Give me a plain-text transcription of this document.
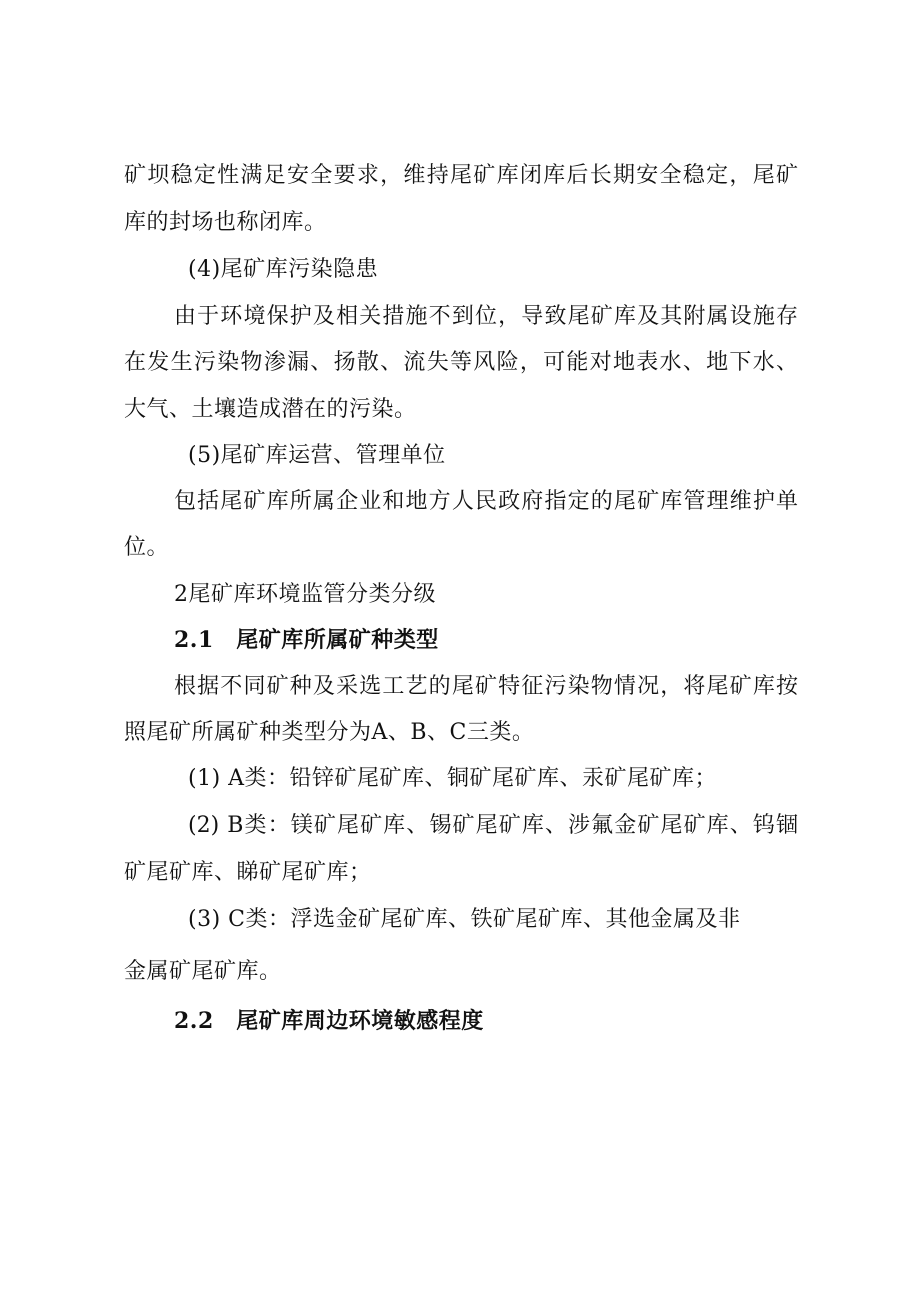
矿坝稳定性满足安全要求，维持尾矿库闭库后长期安全稳定，尾矿
库的封场也称闭库。
(4)尾矿库污染隐患
由于环境保护及相关措施不到位，导致尾矿库及其附属设施存
在发生污染物渗漏、扬散、流失等风险，可能对地表水、地下水、
大气、土壤造成潜在的污染。
(5)尾矿库运营、管理单位
包括尾矿库所属企业和地方人民政府指定的尾矿库管理维护单
位。
2尾矿库环境监管分类分级
2.1　尾矿库所属矿种类型
根据不同矿种及采选工艺的尾矿特征污染物情况，将尾矿库按
照尾矿所属矿种类型分为A、B、C三类。
(1) A类：铅锌矿尾矿库、铜矿尾矿库、汞矿尾矿库；
(2) B类：镁矿尾矿库、锡矿尾矿库、涉氟金矿尾矿库、钨锢
矿尾矿库、睇矿尾矿库；
(3) C类：浮选金矿尾矿库、铁矿尾矿库、其他金属及非
金属矿尾矿库。
2.2　尾矿库周边环境敏感程度
